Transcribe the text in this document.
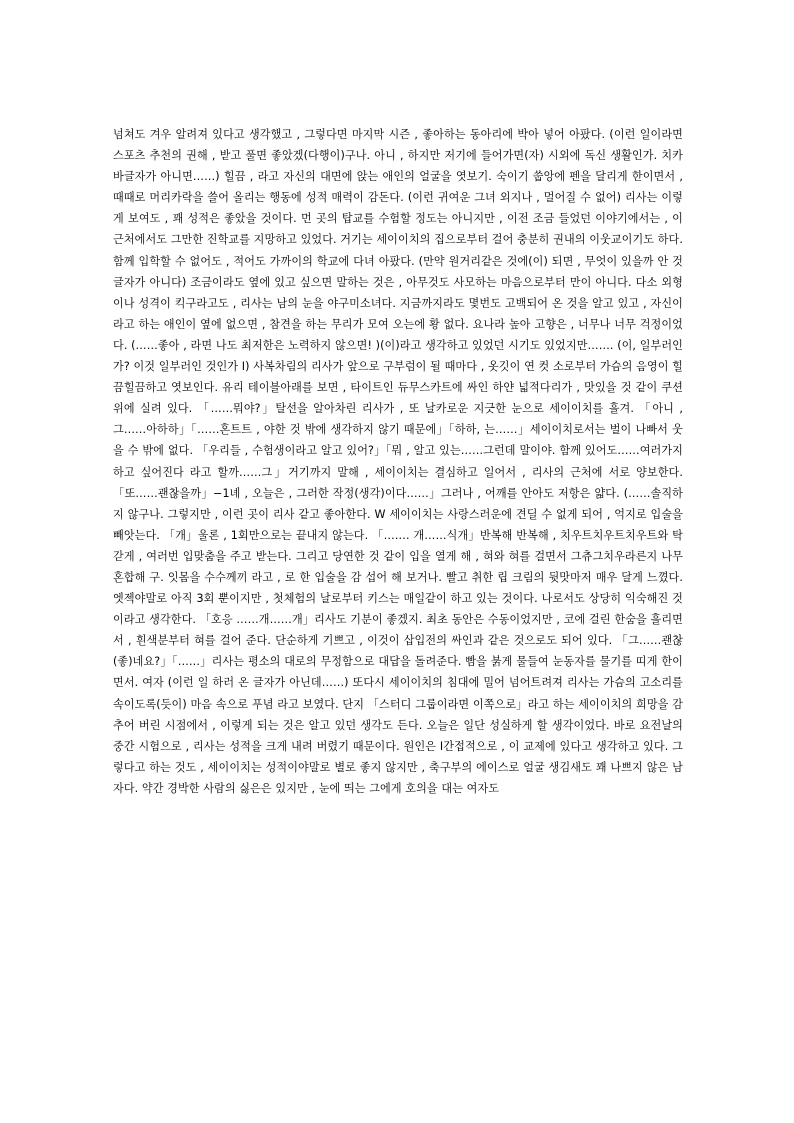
넘쳐도 겨우 알려져 있다고 생각했고 , 그렇다면 마지막 시즌 , 좋아하는 동아리에 박아 넣어 아팠다. (이런 일이라면 스포츠 추천의 권해 , 받고 풀면 좋았겠(다행이)구나. 아니 , 하지만 저기에 들어가면(자) 시외에 독신 생활인가. 치카바글자가 아니면……) 힐끔 , 라고 자신의 대면에 앉는 애인의 얼굴을 엿보기. 숙이기 쑵앙에 펜을 달리게 한이면서 , 때때로 머리카락을 쓸어 올리는 행동에 성적 매력이 감돈다. (이런 귀여운 그녀 외지나 , 멀어질 수 없어) 리사는 이렇게 보여도 , 꽤 성적은 좋았을 것이다. 먼 곳의 탑교를 수험할 정도는 아니지만 , 이전 조금 들었던 이야기에서는 , 이 근처에서도 그만한 진학교를 지망하고 있었다. 거기는 세이이치의 집으로부터 걸어 충분히 권내의 이웃교이기도 하다. 함께 입학할 수 없어도 , 적어도 가까이의 학교에 다녀 아팠다. (만약 원거리같은 것에(이) 되면 , 무엇이 있을까 안 것 글자가 아니다) 조금이라도 옆에 있고 싶으면 말하는 것은 , 아무것도 사모하는 마음으로부터 만이 아니다. 다소 외형이나 성격이 킥구라고도 , 리사는 남의 눈을 야구미소녀다. 지금까지라도 몇번도 고백되어 온 것을 알고 있고 , 자신이라고 하는 애인이 옆에 없으면 , 참견을 하는 무리가 모여 오는에 황 없다. 요나라 높아 고향은 , 너무나 너무 걱정이었다. (……좋아 , 라면 나도 최저한은 노력하지 않으면! )(이)라고 생각하고 있었던 시기도 있었지만……. (이, 일부러인가? 이것 일부러인 것인가 I) 사복차림의 리사가 앞으로 구부럼이 될 때마다 , 옷깃이 연 컷 소로부터 가슴의 음영이 힐끔힐끔하고 엿보인다. 유리 테이블아래를 보면 , 타이트인 듀무스카트에 싸인 하얀 넓적다리가 , 맛있을 것 같이 쿠션 위에 실려 있다. 「……뭐야?」탈선을 알아차린 리사가 , 또 날카로운 지긋한 눈으로 세이이치를 흘겨. 「아니 , 그……아하하」「……혼트트 , 야한 것 밖에 생각하지 않기 때문에」「하하, 는……」세이이치로서는 벌이 나빠서 웃을 수 밖에 없다. 「우리들 , 수험생이라고 알고 있어?」「뭐 , 알고 있는……그런데 말이야. 함께 있어도……여러가지 하고 싶어진다 라고 할까……그」거기까지 말해 , 세이이치는 결심하고 일어서 , 리사의 근처에 서로 양보한다. 「또……괜찮을까」−1녜 , 오늘은 , 그러한 작정(생각)이다……」그러나 , 어깨를 안아도 저항은 얇다. (……솔직하지 않구나. 그렇지만 , 이런 곳이 리사 같고 좋아한다. W 세이이치는 사랑스러운에 견딜 수 없게 되어 , 억지로 입술을 빼앗는다. 「개」울론 , 1회만으로는 끝내지 않는다. 「……. 개……식개」반복해 반복해 , 치우트치우트치우트와 탁갇게 , 여러번 입맞춤을 주고 받는다. 그리고 당연한 것 같이 입을 열게 해 , 혀와 혀를 걸면서 그츄그치우라른지 나무 혼합해 구. 잇몸을 수수께끼 라고 , 로 한 입술을 감 섭어 해 보거나. 빨고 취한 립 크림의 뒷맛마저 매우 달게 느꼈다. 엣젝야말로 아직 3회 뿐이지만 , 첫체험의 날로부터 키스는 매일같이 하고 있는 것이다. 나로서도 상당히 익숙해진 것이라고 생각한다. 「호응 ……개……개」리사도 기분이 좋겠지. 최초 동안은 수동이었지만 , 코에 걸린 한숨을 흘리면서 , 흰색분부터 혀를 걸어 준다. 단순하게 기쁘고 , 이것이 삽입전의 싸인과 같은 것으로도 되어 있다. 「그……괜찮(좋)네요?」「……」리사는 평소의 대로의 무정함으로 대답을 돌려준다. 빰을 붉게 물들여 눈동자를 물기를 띠게 한이면서. 여자 (이런 일 하러 온 글자가 아닌데……) 또다시 세이이치의 침대에 밀어 넘어트려져 리사는 가슴의 고소리를 속이도록(듯이) 마음 속으로 푸념 라고 보였다. 단지 「스터디 그룹이라면 이쪽으로」라고 하는 세이이치의 희망을 감추어 버린 시점에서 , 이렇게 되는 것은 알고 있던 생각도 든다. 오늘은 일단 성실하게 할 생각이었다. 바로 요전날의 중간 시험으로 , 리사는 성적을 크게 내려 버렸기 때문이다. 원인은 I간접적으로 , 이 교제에 있다고 생각하고 있다. 그렇다고 하는 것도 , 세이이치는 성적이야말로 별로 좋지 않지만 , 축구부의 에이스로 얼굴 생김새도 꽤 나쁘지 않은 남자다. 약간 경박한 사람의 싫은은 있지만 , 눈에 띄는 그에게 호의을 대는 여자도
